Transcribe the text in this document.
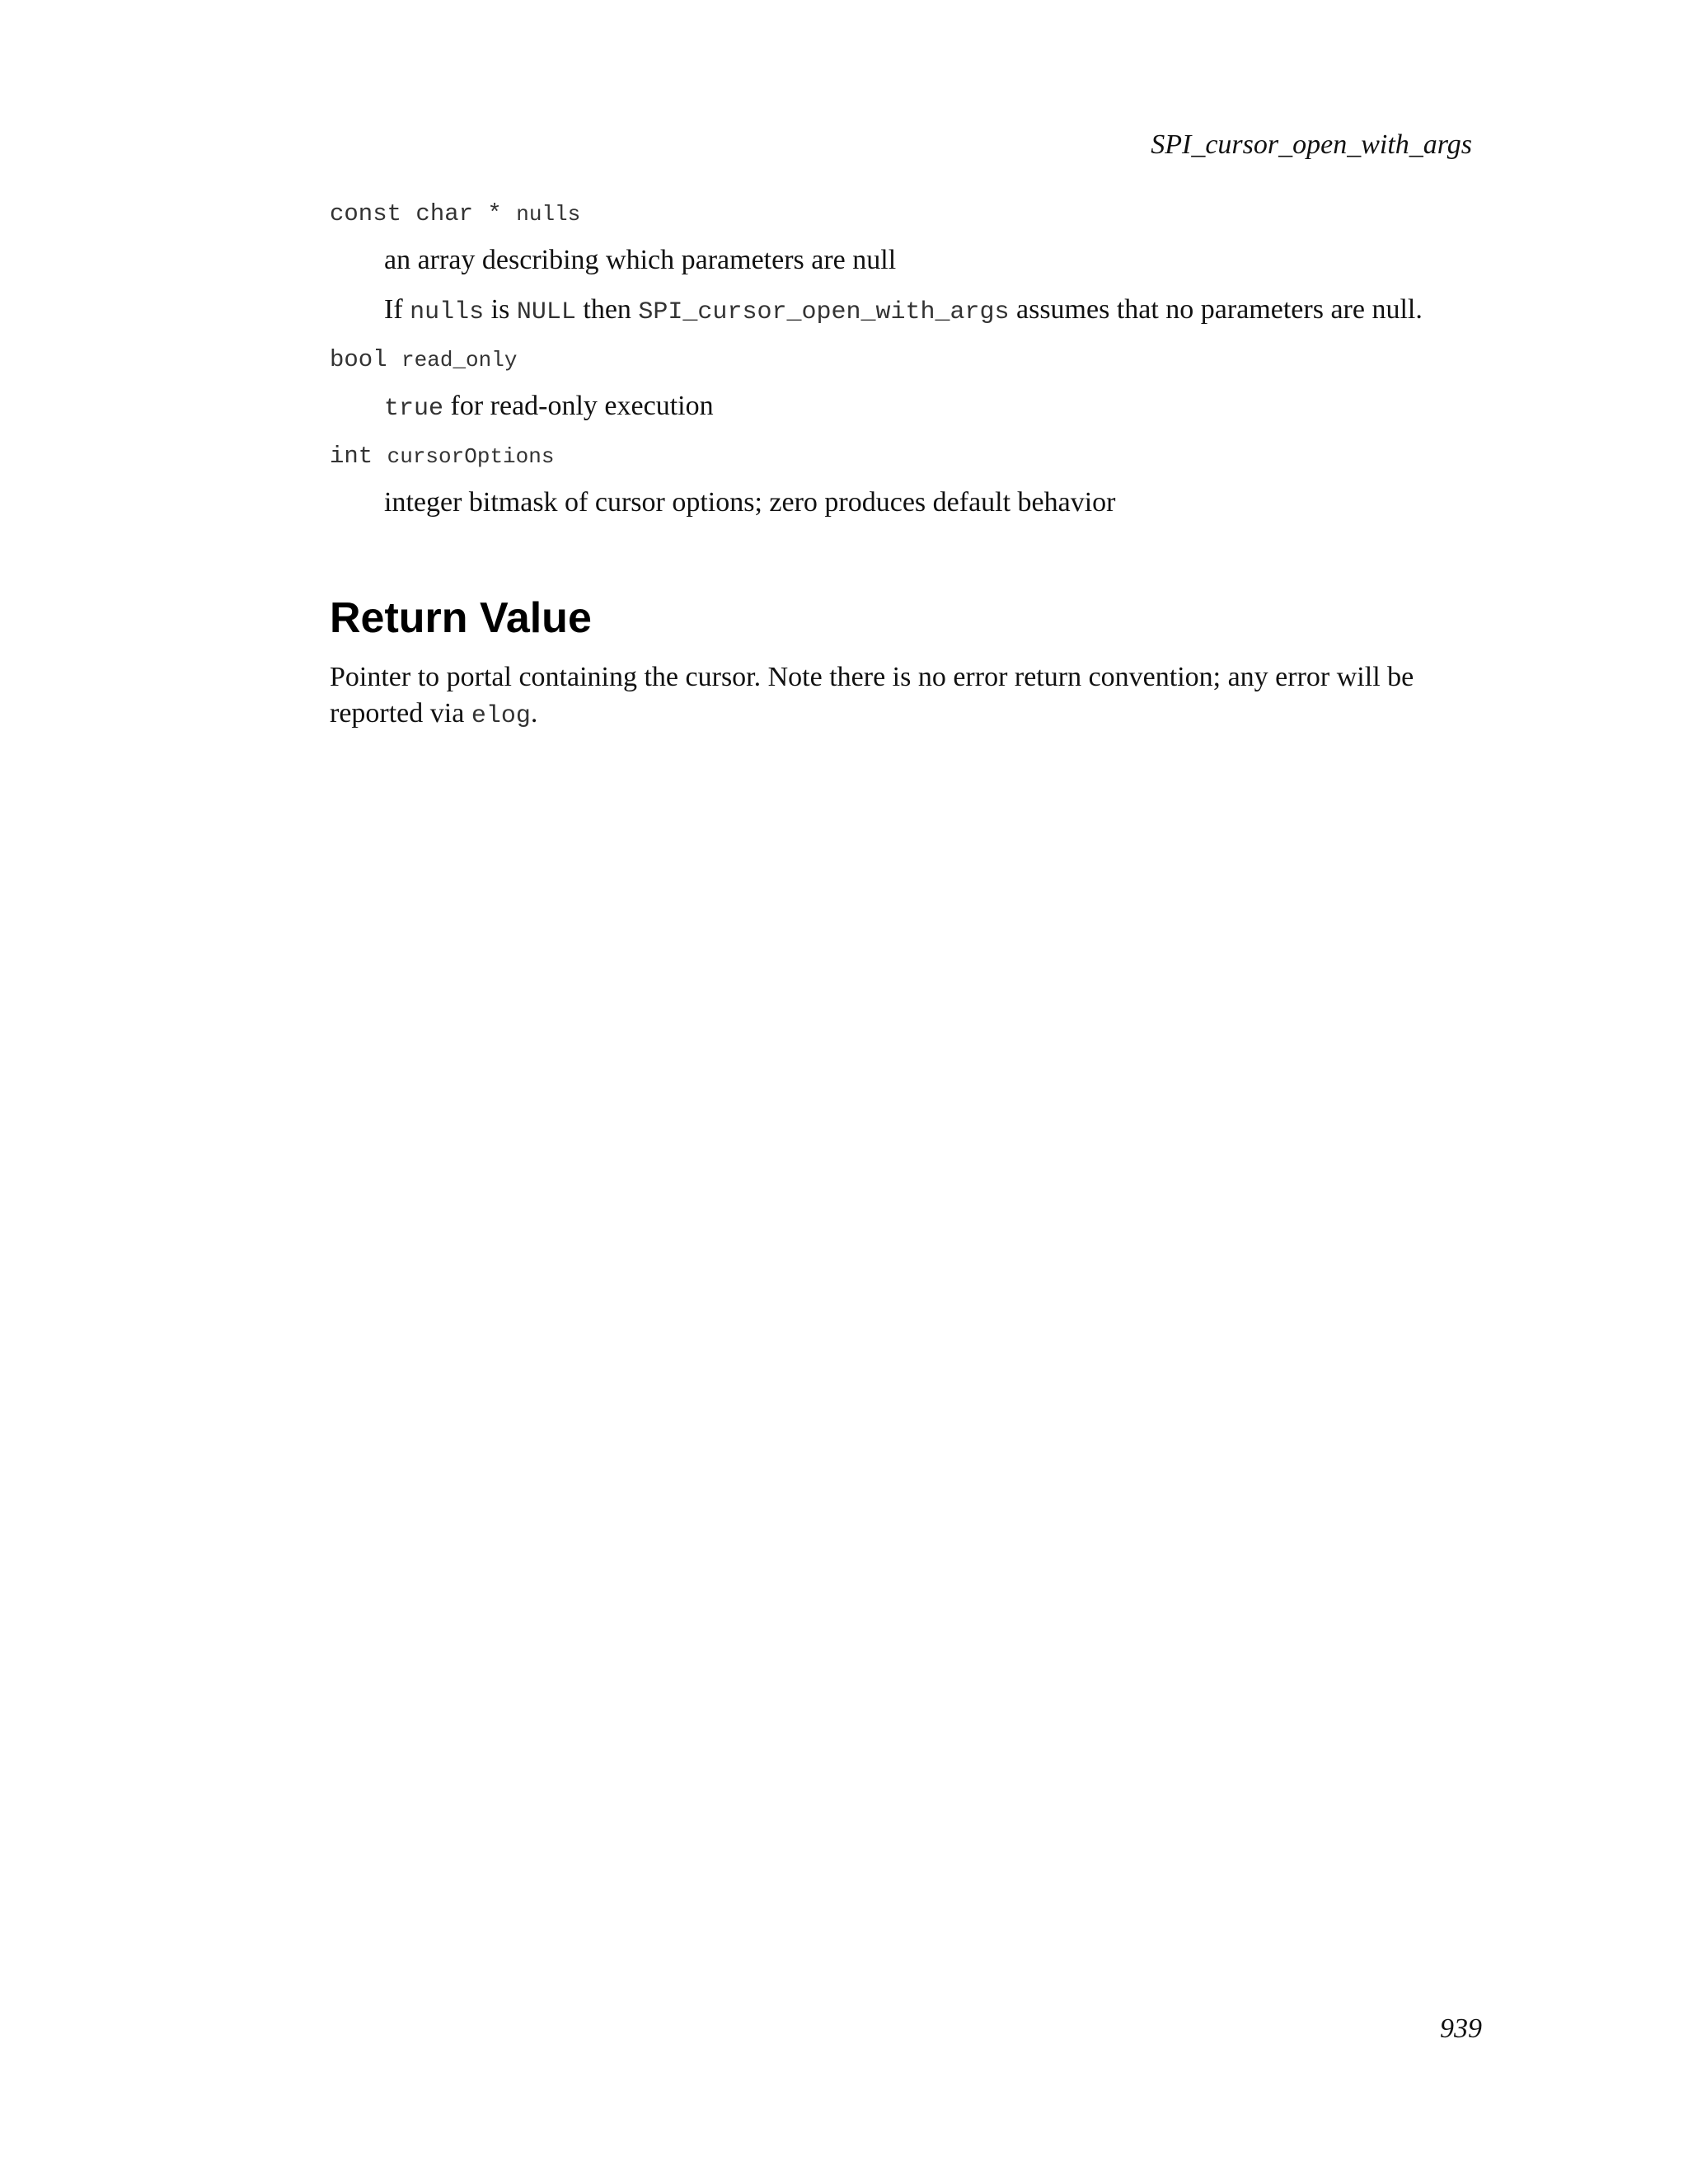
SPI_cursor_open_with_args

const char * nulls

an array describing which parameters are null

If nulls is NULL then SPI_cursor_open_with_args assumes that no parameters are null.

bool read_only

true for read-only execution

int cursorOptions

integer bitmask of cursor options; zero produces default behavior

Return Value

Pointer to portal containing the cursor. Note there is no error return convention; any error will be reported via elog.

939
